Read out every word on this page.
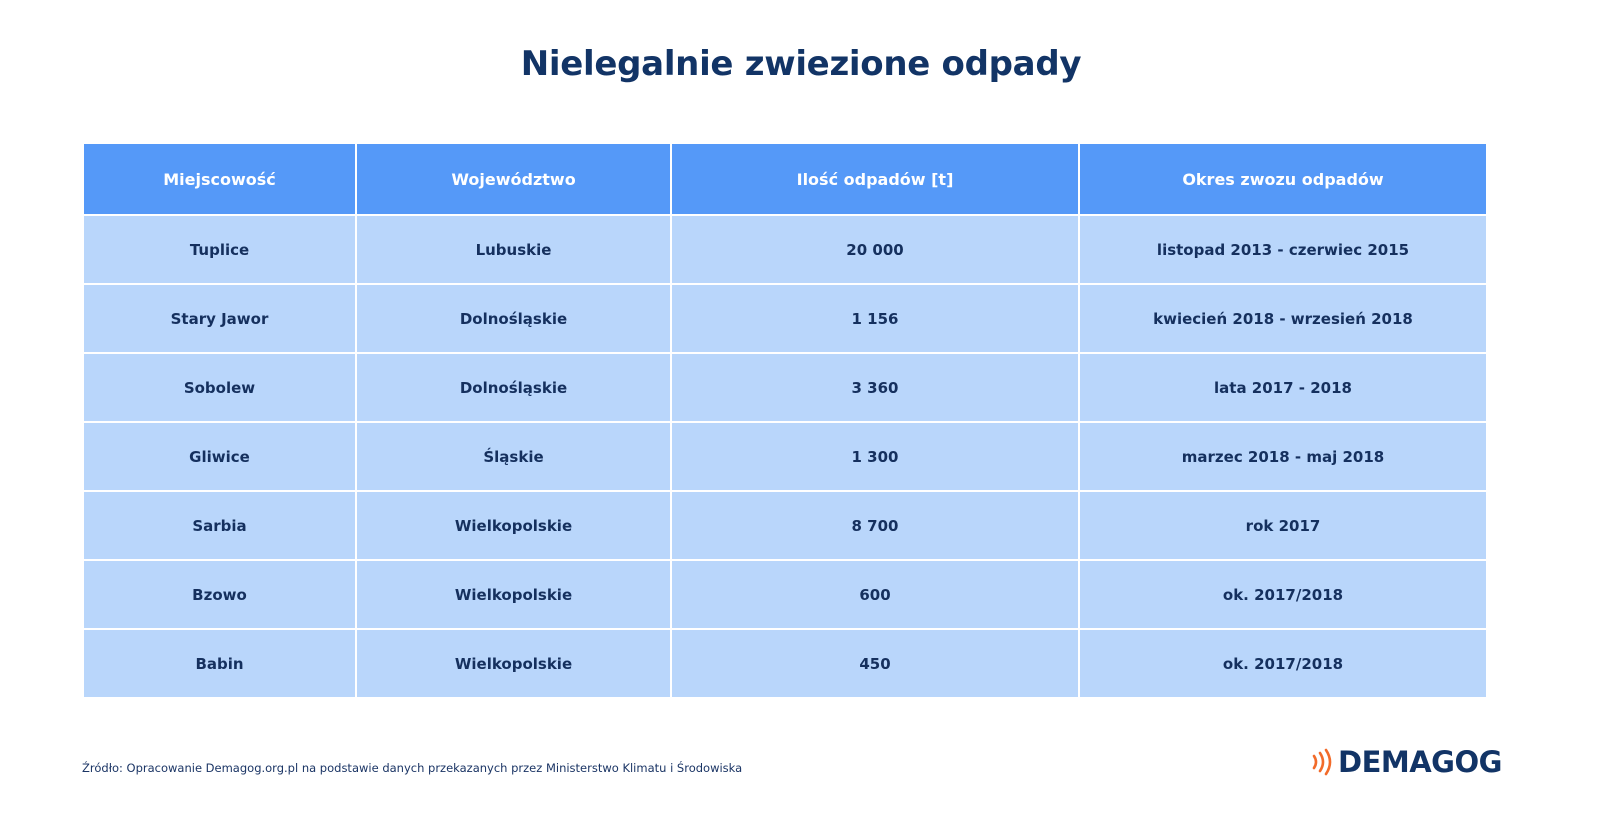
Nielegalnie zwiezione odpady
Miejscowość	Województwo	Ilość odpadów [t]	Okres zwozu odpadów
Tuplice	Lubuskie	20 000	listopad 2013 - czerwiec 2015
Stary Jawor	Dolnośląskie	1 156	kwiecień 2018 - wrzesień 2018
Sobolew	Dolnośląskie	3 360	lata 2017 - 2018
Gliwice	Śląskie	1 300	marzec 2018 - maj 2018
Sarbia	Wielkopolskie	8 700	rok 2017
Bzowo	Wielkopolskie	600	ok. 2017/2018
Babin	Wielkopolskie	450	ok. 2017/2018
Źródło: Opracowanie Demagog.org.pl na podstawie danych przekazanych przez Ministerstwo Klimatu i Środowiska	DEMAGOG
